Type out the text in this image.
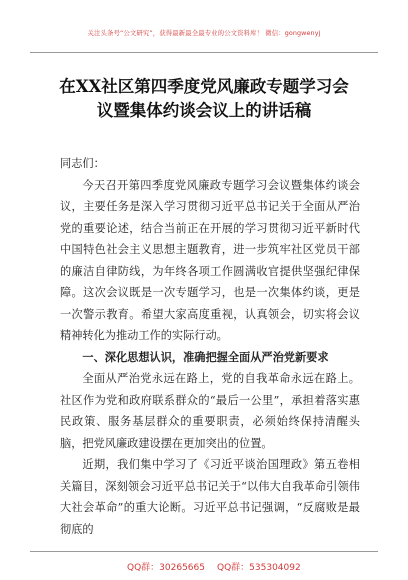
关注头条号“公文研究”，获得最新最全最专业的公文资料库！ 微信：gongwenyj
在XX社区第四季度党风廉政专题学习会
议暨集体约谈会议上的讲话稿

同志们：

今天召开第四季度党风廉政专题学习会议暨集体约谈会议，主要任务是深入学习贯彻习近平总书记关于全面从严治党的重要论述，结合当前正在开展的学习贯彻习近平新时代中国特色社会主义思想主题教育，进一步筑牢社区党员干部的廉洁自律防线，为年终各项工作圆满收官提供坚强纪律保障。这次会议既是一次专题学习，也是一次集体约谈，更是一次警示教育。希望大家高度重视，认真领会，切实将会议精神转化为推动工作的实际行动。

一、深化思想认识，准确把握全面从严治党新要求

全面从严治党永远在路上，党的自我革命永远在路上。社区作为党和政府联系群众的“最后一公里”，承担着落实惠民政策、服务基层群众的重要职责，必须始终保持清醒头脑，把党风廉政建设摆在更加突出的位置。

近期，我们集中学习了《习近平谈治国理政》第五卷相关篇目，深刻领会习近平总书记关于“以伟大自我革命引领伟大社会革命”的重大论断。习近平总书记强调，“反腐败是最彻底的

QQ群：30265665 QQ群：535304092
